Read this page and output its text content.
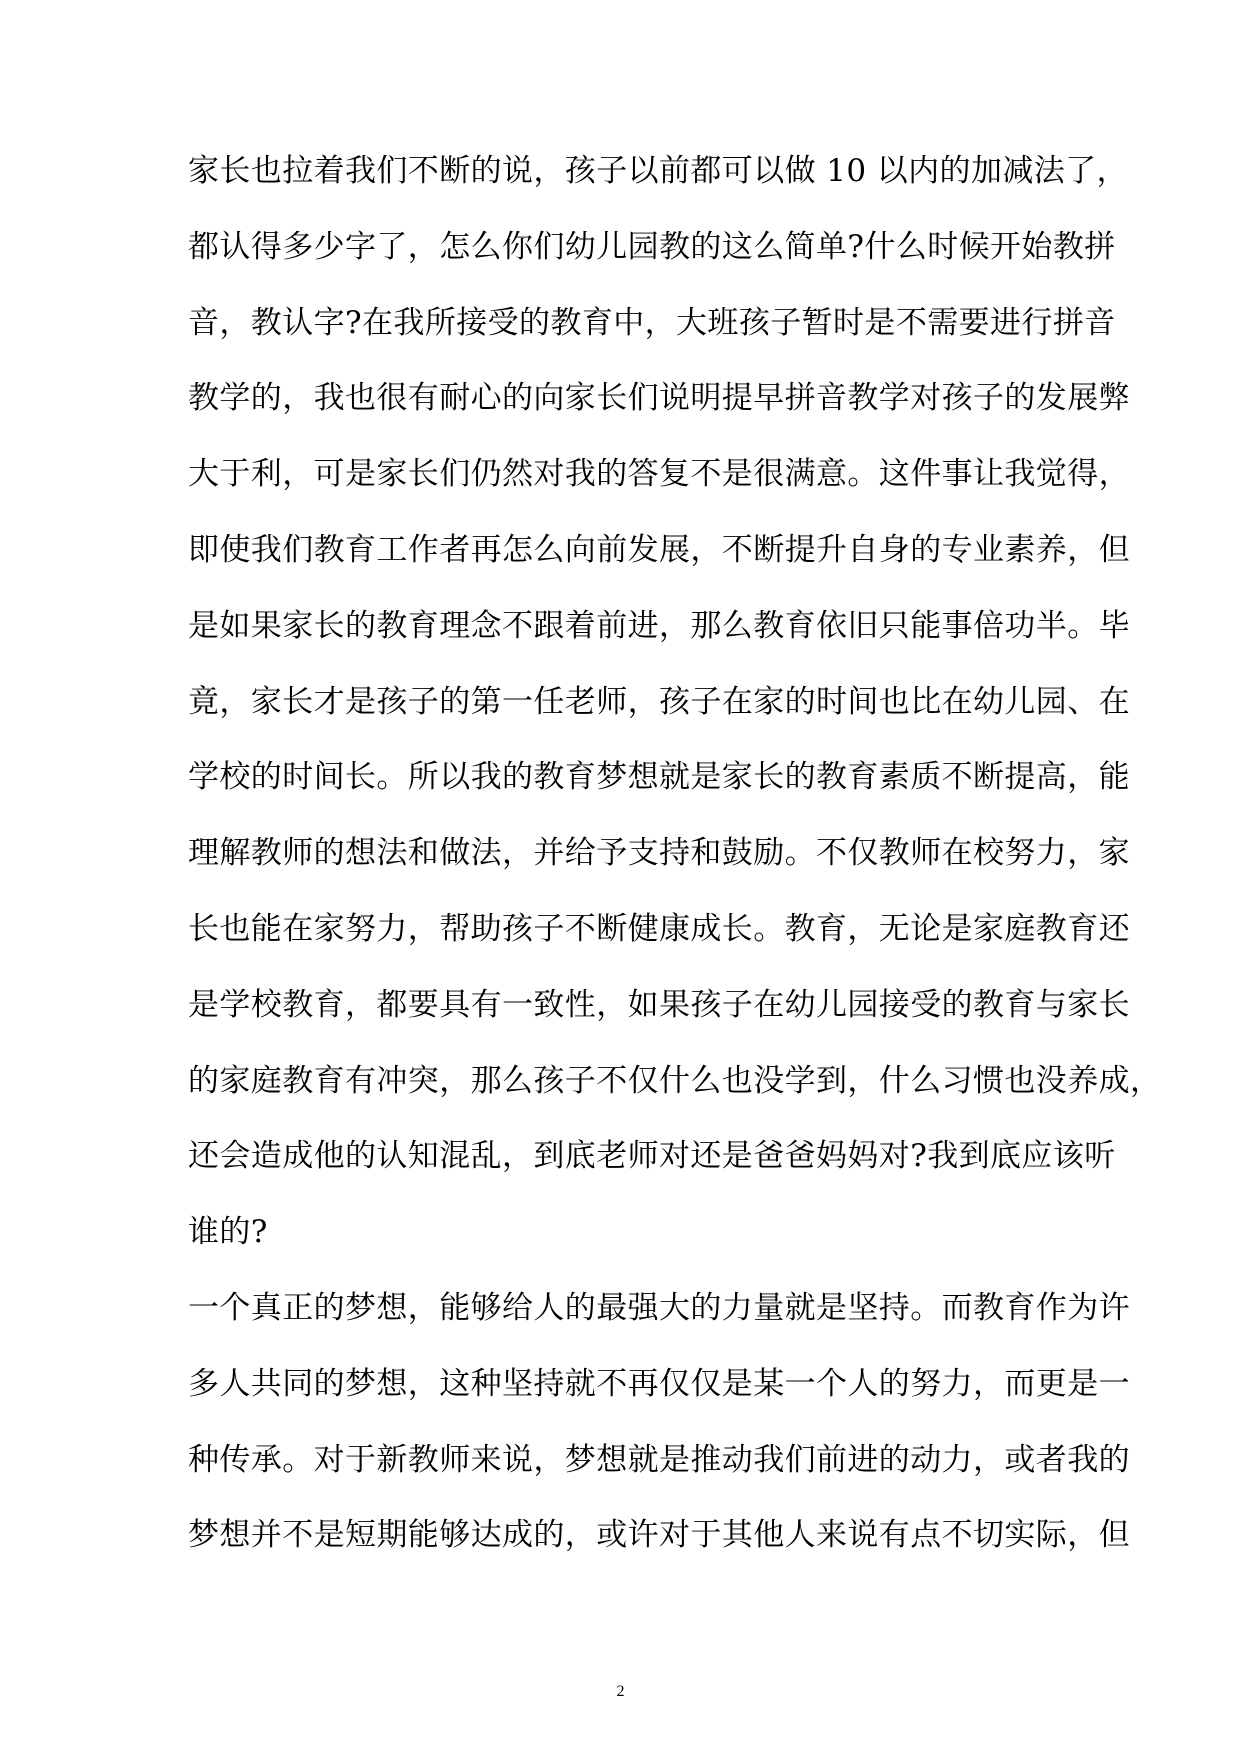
家长也拉着我们不断的说，孩子以前都可以做 10 以内的加减法了，
都认得多少字了，怎么你们幼儿园教的这么简单?什么时候开始教拼
音，教认字?在我所接受的教育中，大班孩子暂时是不需要进行拼音
教学的，我也很有耐心的向家长们说明提早拼音教学对孩子的发展弊
大于利，可是家长们仍然对我的答复不是很满意。这件事让我觉得，
即使我们教育工作者再怎么向前发展，不断提升自身的专业素养，但
是如果家长的教育理念不跟着前进，那么教育依旧只能事倍功半。毕
竟，家长才是孩子的第一任老师，孩子在家的时间也比在幼儿园、在
学校的时间长。所以我的教育梦想就是家长的教育素质不断提高，能
理解教师的想法和做法，并给予支持和鼓励。不仅教师在校努力，家
长也能在家努力，帮助孩子不断健康成长。教育，无论是家庭教育还
是学校教育，都要具有一致性，如果孩子在幼儿园接受的教育与家长
的家庭教育有冲突，那么孩子不仅什么也没学到，什么习惯也没养成，
还会造成他的认知混乱，到底老师对还是爸爸妈妈对?我到底应该听
谁的?
一个真正的梦想，能够给人的最强大的力量就是坚持。而教育作为许
多人共同的梦想，这种坚持就不再仅仅是某一个人的努力，而更是一
种传承。对于新教师来说，梦想就是推动我们前进的动力，或者我的
梦想并不是短期能够达成的，或许对于其他人来说有点不切实际，但
2
